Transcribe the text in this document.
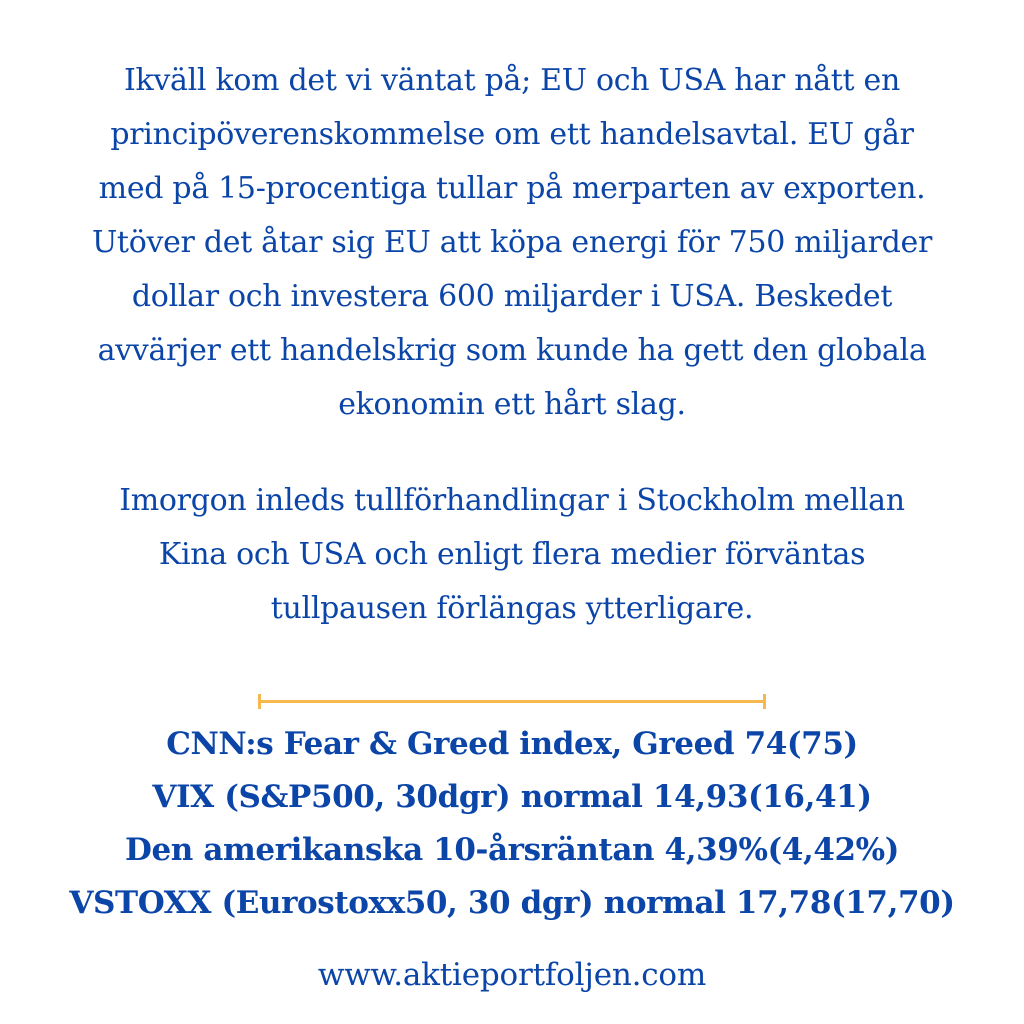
Ikväll kom det vi väntat på; EU och USA har nått en
principöverenskommelse om ett handelsavtal. EU går
med på 15-procentiga tullar på merparten av exporten.
Utöver det åtar sig EU att köpa energi för 750 miljarder
dollar och investera 600 miljarder i USA. Beskedet
avvärjer ett handelskrig som kunde ha gett den globala
ekonomin ett hårt slag.
Imorgon inleds tullförhandlingar i Stockholm mellan
Kina och USA och enligt flera medier förväntas
tullpausen förlängas ytterligare.
CNN:s Fear & Greed index, Greed 74(75)
VIX (S&P500, 30dgr) normal 14,93(16,41)
Den amerikanska 10-årsräntan 4,39%(4,42%)
VSTOXX (Eurostoxx50, 30 dgr) normal 17,78(17,70)
www.aktieportfoljen.com
